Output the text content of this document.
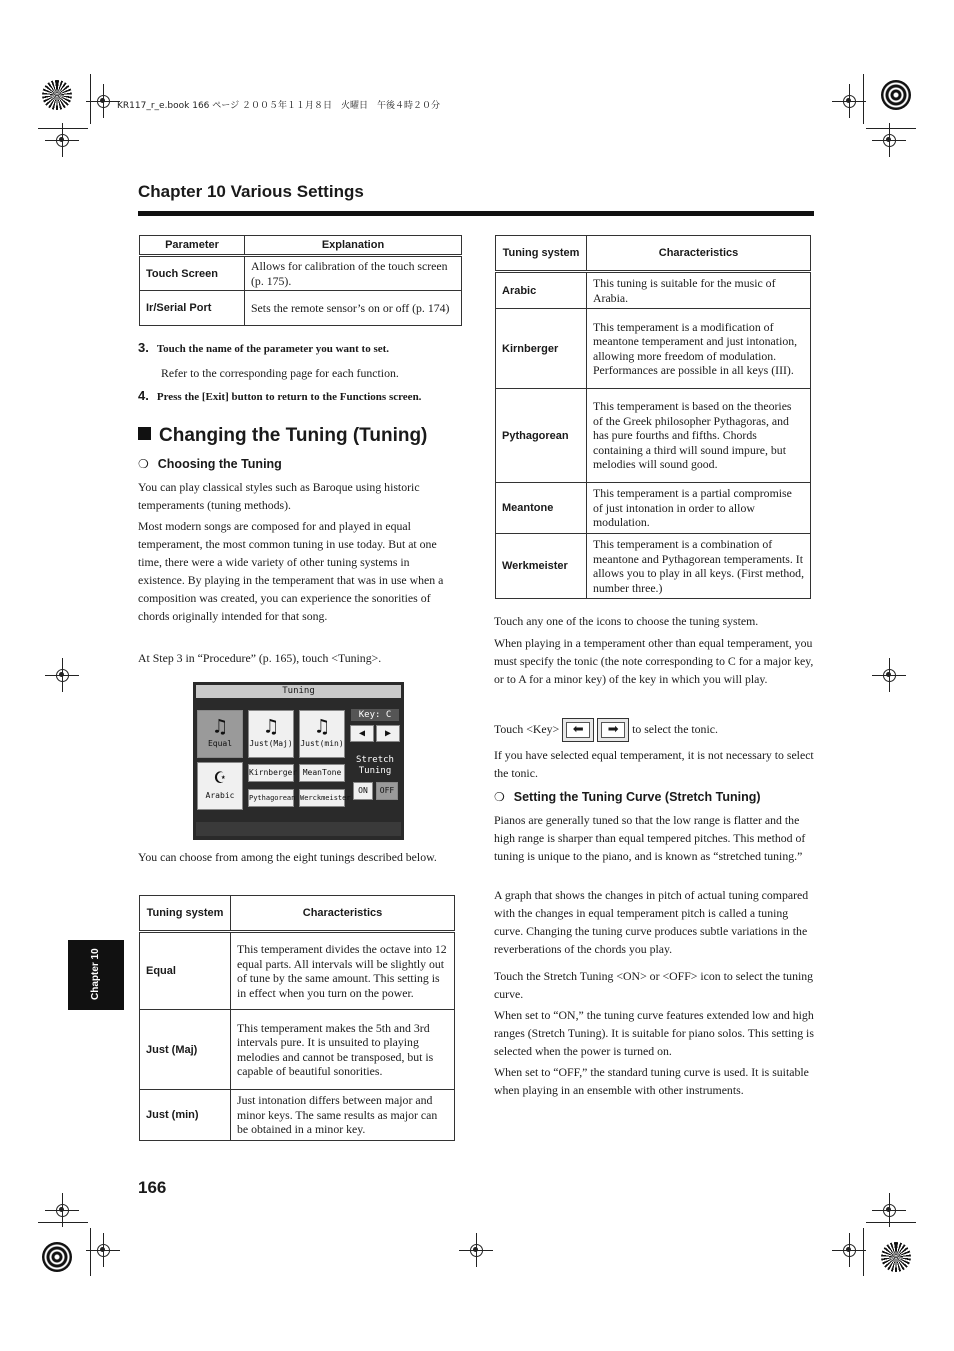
KR117_r_e.book 166 ページ ２００５年１１月８日　火曜日　午後４時２０分
Chapter 10 Various Settings
Parameter	Explanation
Touch Screen	Allows for calibration of the touch screen (p. 175).
Ir/Serial Port	Sets the remote sensor’s on or off (p. 174)
3. Touch the name of the parameter you want to set.
Refer to the corresponding page for each function.
4. Press the [Exit] button to return to the Functions screen.
Changing the Tuning (Tuning)
❍ Choosing the Tuning
You can play classical styles such as Baroque using historic temperaments (tuning methods).
Most modern songs are composed for and played in equal temperament, the most common tuning in use today. But at one time, there were a wide variety of other tuning systems in existence. By playing in the temperament that was in use when a composition was created, you can experience the sonorities of chords originally intended for that song.
At Step 3 in “Procedure” (p. 165), touch <Tuning>.
Tuning
♫
Equal
♫
Just(Maj)
♫
Just(min)
☪
Arabic
Kirnberger MeanTone
Pythagorean Werckmeister
Key: C
◀	▶
Stretch Tuning
ON	OFF
You can choose from among the eight tunings described below.
Tuning system	Characteristics
Equal	This temperament divides the octave into 12 equal parts. All intervals will be slightly out of tune by the same amount. This setting is in effect when you turn on the power.
Just (Maj)	This temperament makes the 5th and 3rd intervals pure. It is unsuited to playing melodies and cannot be transposed, but is capable of beautiful sonorities.
Just (min)	Just intonation differs between major and minor keys. The same results as major can be obtained in a minor key.
Tuning system	Characteristics
Arabic	This tuning is suitable for the music of Arabia.
Kirnberger	This temperament is a modification of meantone temperament and just intonation, allowing more freedom of modulation. Performances are possible in all keys (III).
Pythagorean	This temperament is based on the theories of the Greek philosopher Pythagoras, and has pure fourths and fifths. Chords containing a third will sound impure, but melodies will sound good.
Meantone	This temperament is a partial compromise of just intonation in order to allow modulation.
Werkmeister	This temperament is a combination of meantone and Pythagorean temperaments. It allows you to play in all keys. (First method, number three.)
Touch any one of the icons to choose the tuning system.
When playing in a temperament other than equal temperament, you must specify the tonic (the note corresponding to C for a major key, or to A for a minor key) of the key in which you will play.
Touch <Key>	⬅
	➡	to select the tonic.
If you have selected equal temperament, it is not necessary to select the tonic.
❍ Setting the Tuning Curve (Stretch Tuning)
Pianos are generally tuned so that the low range is flatter and the high range is sharper than equal tempered pitches. This method of tuning is unique to the piano, and is known as “stretched tuning.”
A graph that shows the changes in pitch of actual tuning compared with the changes in equal temperament pitch is called a tuning curve. Changing the tuning curve produces subtle variations in the reverberations of the chords you play.
Touch the Stretch Tuning <ON> or <OFF> icon to select the tuning curve.
When set to “ON,” the tuning curve features extended low and high ranges (Stretch Tuning). It is suitable for piano solos. This setting is selected when the power is turned on.
When set to “OFF,” the standard tuning curve is used. It is suitable when playing in an ensemble with other instruments.
Chapter 10
166
